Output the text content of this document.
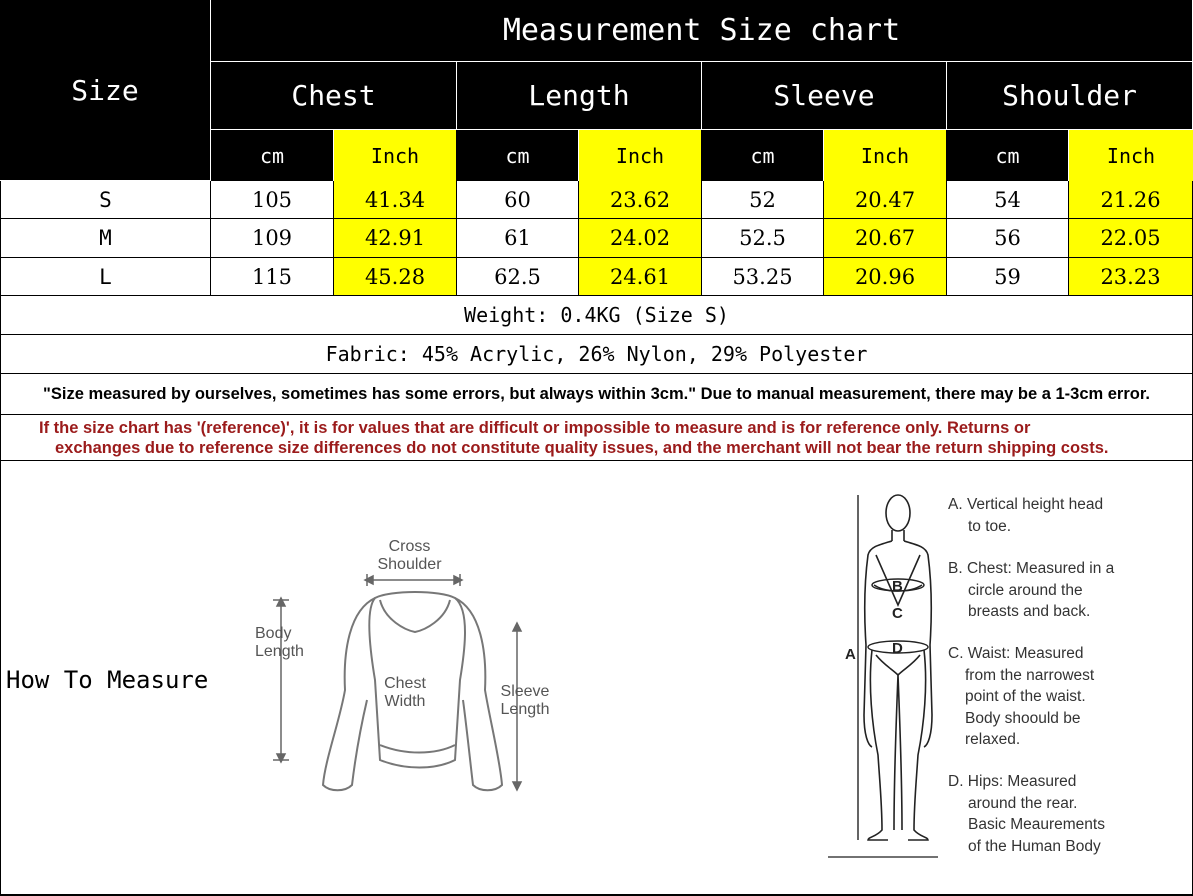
Size
Measurement Size chart
Chest	Length	Sleeve	Shoulder
cm	Inch	cm	Inch	cm	Inch	cm	Inch
S	105	41.34	60	23.62	52	20.47	54	21.26
M	109	42.91	61	24.02	52.5	20.67	56	22.05
L	115	45.28	62.5	24.61	53.25	20.96	59	23.23
Weight: 0.4KG (Size S)
Fabric: 45% Acrylic, 26% Nylon, 29% Polyester
"Size measured by ourselves, sometimes has some errors, but always within 3cm." Due to manual measurement, there may be a 1-3cm error.
If the size chart has '(reference)', it is for values that are difficult or impossible to measure and is for reference only. Returns or
exchanges due to reference size differences do not constitute quality issues, and the merchant will not bear the return shipping costs.
How To Measure
Cross
Shoulder
Body
Length
Chest
Width
Sleeve
Length
B
C
D
A
A. Vertical height head
to toe.
B. Chest: Measured in a
circle around the
breasts and back.
C. Waist: Measured
from the narrowest
point of the waist.
Body shoould be
relaxed.
D. Hips: Measured
around the rear.
Basic Meaurements
of the Human Body
